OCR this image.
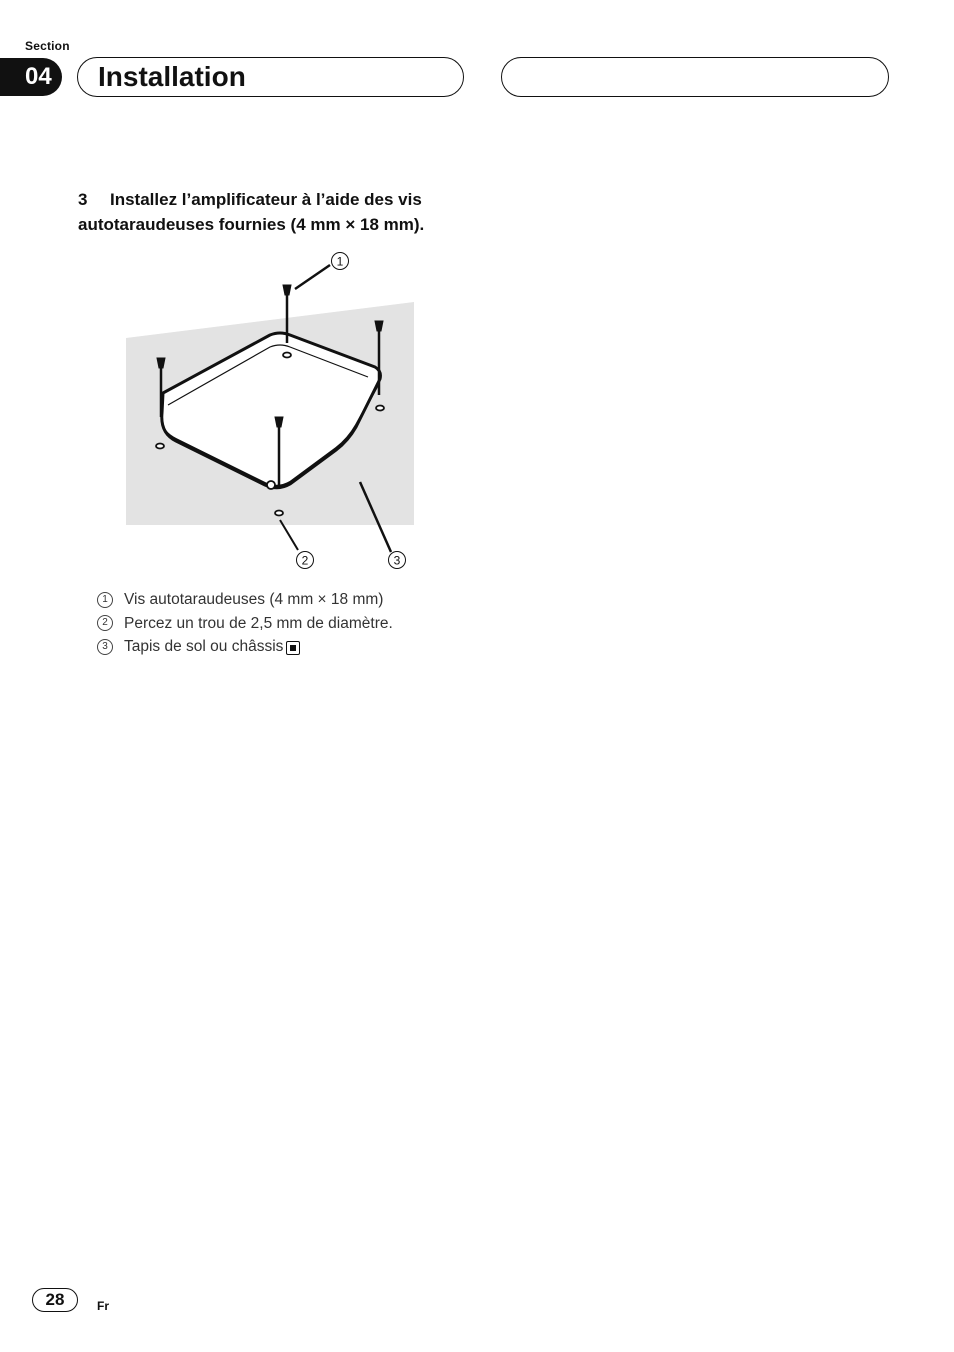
Section
04	Installation
3 Installez l’amplificateur à l’aide des vis autotaraudeuses fournies (4 mm × 18 mm).
1
2	3
1	Vis autotaraudeuses (4 mm × 18 mm)
2	Percez un trou de 2,5 mm de diamètre.
3	Tapis de sol ou châssis
28	Fr
